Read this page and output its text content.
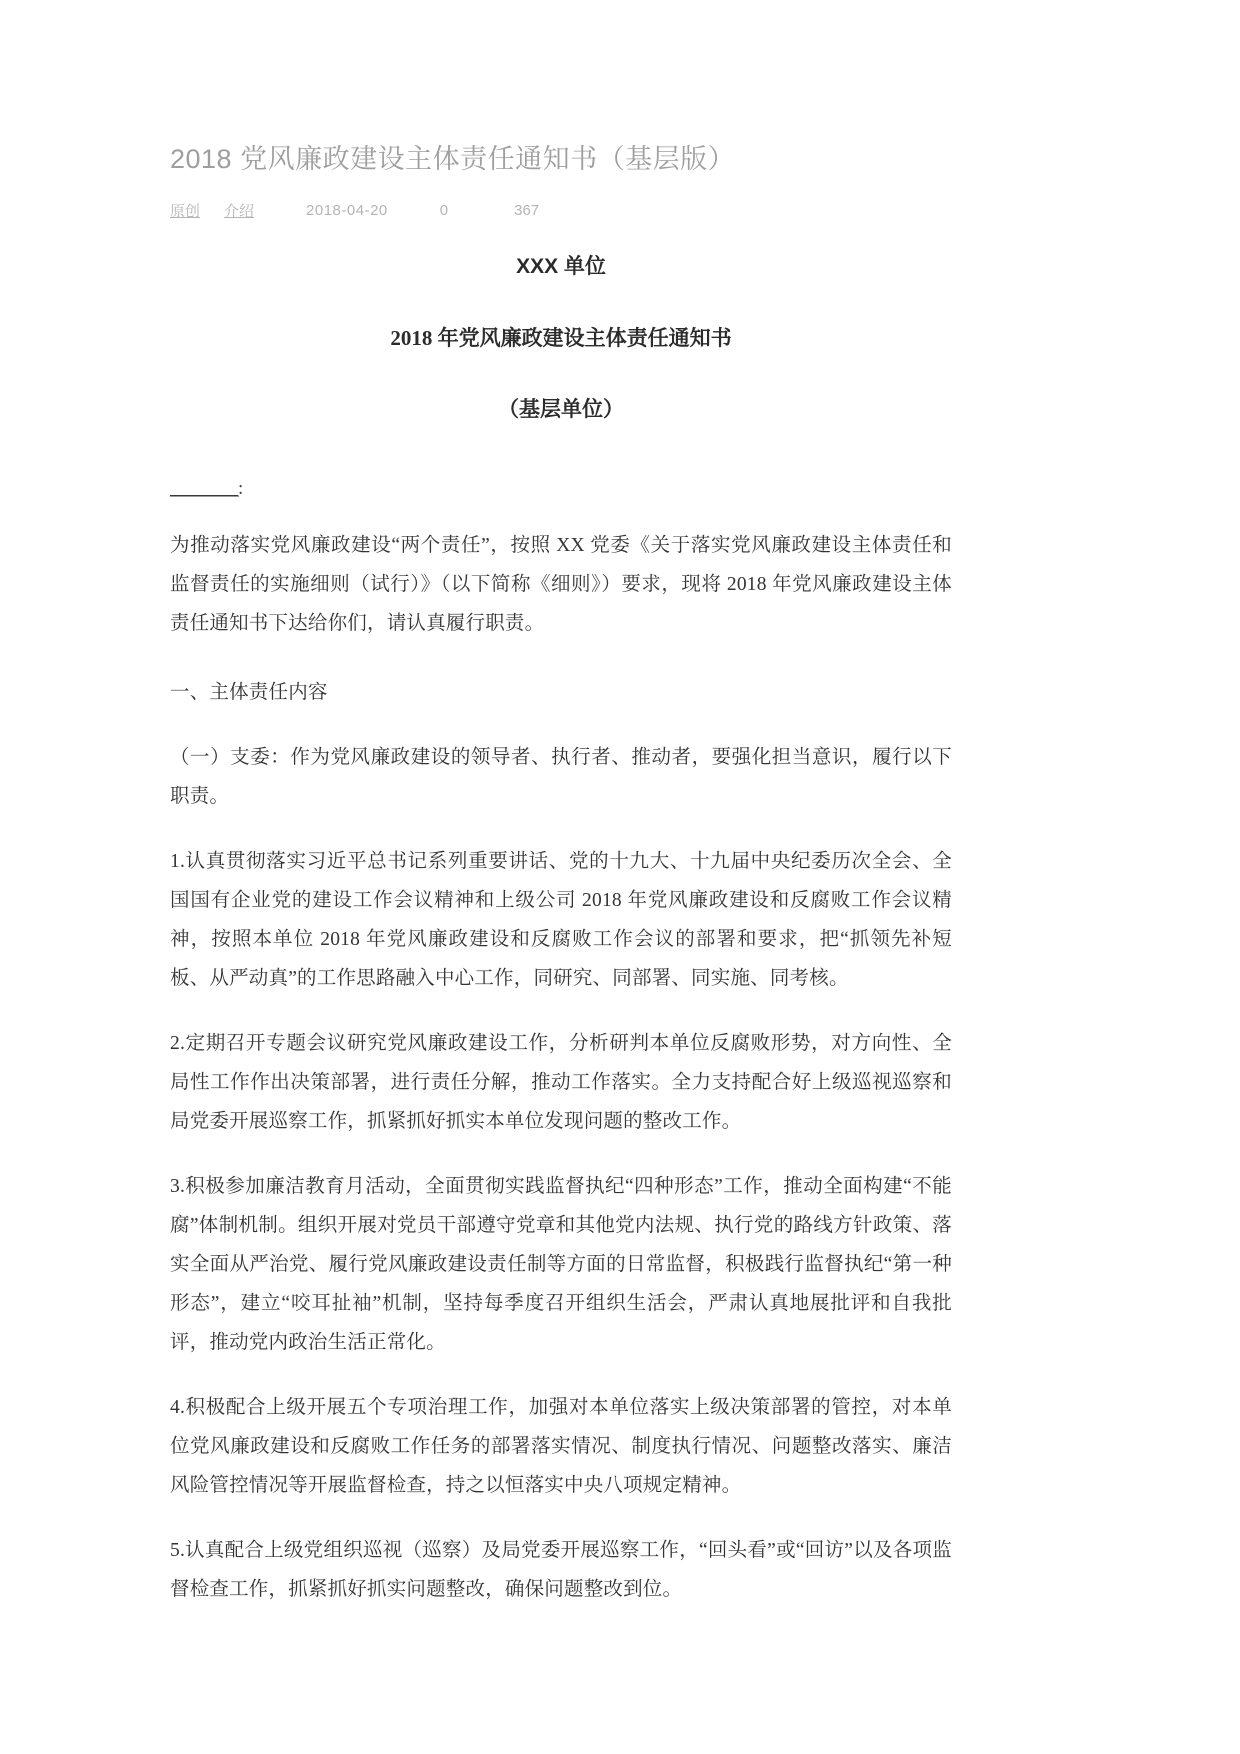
2018 党风廉政建设主体责任通知书（基层版）
原创 介绍	2018-04-20	0	367
XXX 单位
2018 年党风廉政建设主体责任通知书
（基层单位）
________:

为推动落实党风廉政建设“两个责任”，按照 XX 党委《关于落实党风廉政建设主体责任和监督责任的实施细则（试行）》（以下简称《细则》）要求，现将 2018 年党风廉政建设主体责任通知书下达给你们，请认真履行职责。

一、主体责任内容

（一）支委：作为党风廉政建设的领导者、执行者、推动者，要强化担当意识，履行以下职责。

1.认真贯彻落实习近平总书记系列重要讲话、党的十九大、十九届中央纪委历次全会、全国国有企业党的建设工作会议精神和上级公司 2018 年党风廉政建设和反腐败工作会议精神，按照本单位 2018 年党风廉政建设和反腐败工作会议的部署和要求，把“抓领先补短板、从严动真”的工作思路融入中心工作，同研究、同部署、同实施、同考核。

2.定期召开专题会议研究党风廉政建设工作，分析研判本单位反腐败形势，对方向性、全局性工作作出决策部署，进行责任分解，推动工作落实。全力支持配合好上级巡视巡察和局党委开展巡察工作，抓紧抓好抓实本单位发现问题的整改工作。

3.积极参加廉洁教育月活动，全面贯彻实践监督执纪“四种形态”工作，推动全面构建“不能腐”体制机制。组织开展对党员干部遵守党章和其他党内法规、执行党的路线方针政策、落实全面从严治党、履行党风廉政建设责任制等方面的日常监督，积极践行监督执纪“第一种形态”，建立“咬耳扯袖”机制，坚持每季度召开组织生活会，严肃认真地展批评和自我批评，推动党内政治生活正常化。

4.积极配合上级开展五个专项治理工作，加强对本单位落实上级决策部署的管控，对本单位党风廉政建设和反腐败工作任务的部署落实情况、制度执行情况、问题整改落实、廉洁风险管控情况等开展监督检查，持之以恒落实中央八项规定精神。

5.认真配合上级党组织巡视（巡察）及局党委开展巡察工作，“回头看”或“回访”以及各项监督检查工作，抓紧抓好抓实问题整改，确保问题整改到位。
